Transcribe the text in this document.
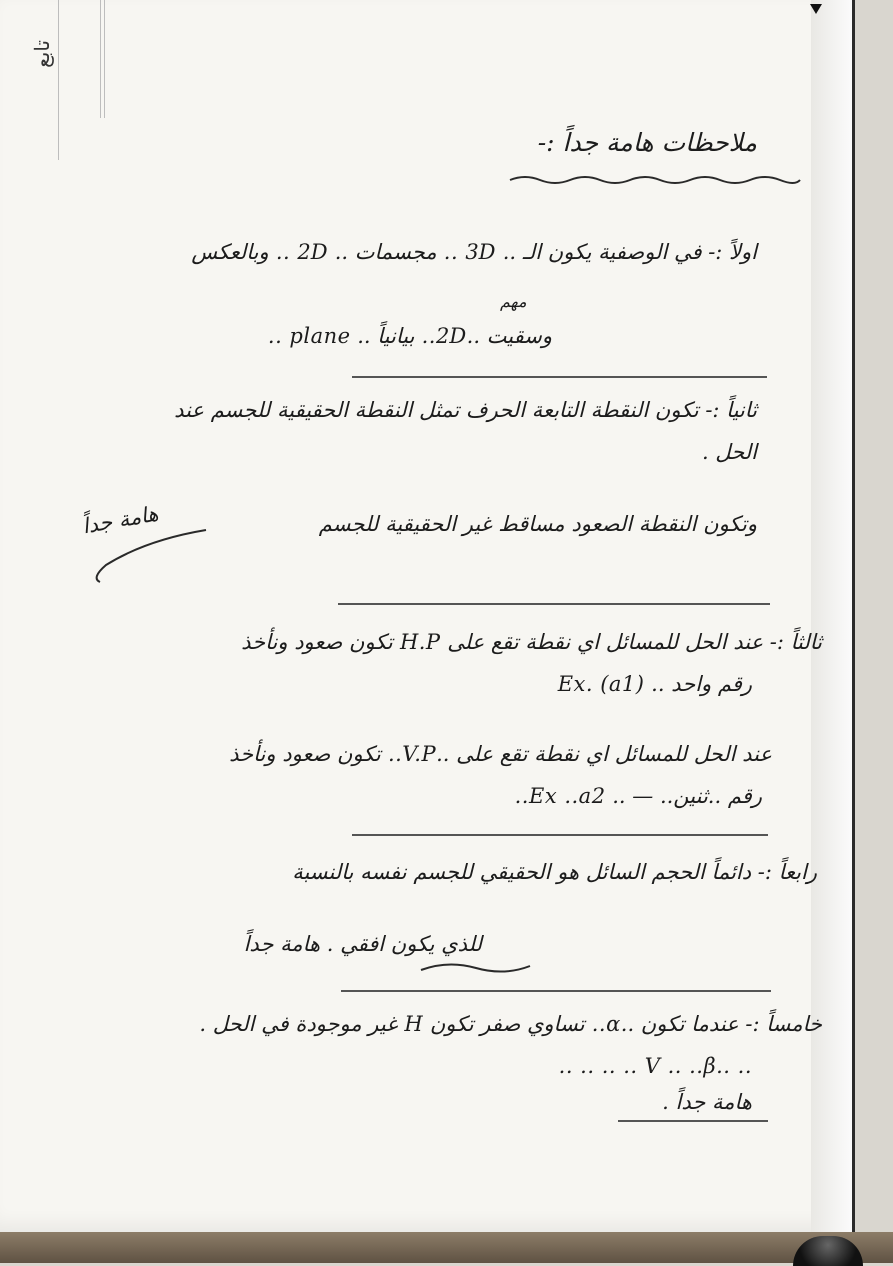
تابع
ملاحظات هامة جداً :-
اولاً :- في الوصفية يكون الـ .. 3D .. مجسمات .. 2D .. وبالعكس
مهم
وسقيت ..2D.. بيانياً .. plane ..
ثانياً :- تكون النقطة التابعة الحرف تمثل النقطة الحقيقية للجسم عند
الحل .
وتكون النقطة الصعود مساقط غير الحقيقية للجسم
هامة جداً
ثالثاً :- عند الحل للمسائل اي نقطة تقع على H.P تكون صعود ونأخذ
رقم واحد .. Ex. (a1)
عند الحل للمسائل اي نقطة تقع على ..V.P.. تكون صعود ونأخذ
رقم ..ثنين.. — .. Ex ..a2..
رابعاً :- دائماً الحجم السائل هو الحقيقي للجسم نفسه بالنسبة
للذي يكون افقي . هامة جداً
خامساً :- عندما تكون ..α.. تساوي صفر تكون H غير موجودة في الحل .
.. .. .. .. V .. ..β.. ..
هامة جداً .
